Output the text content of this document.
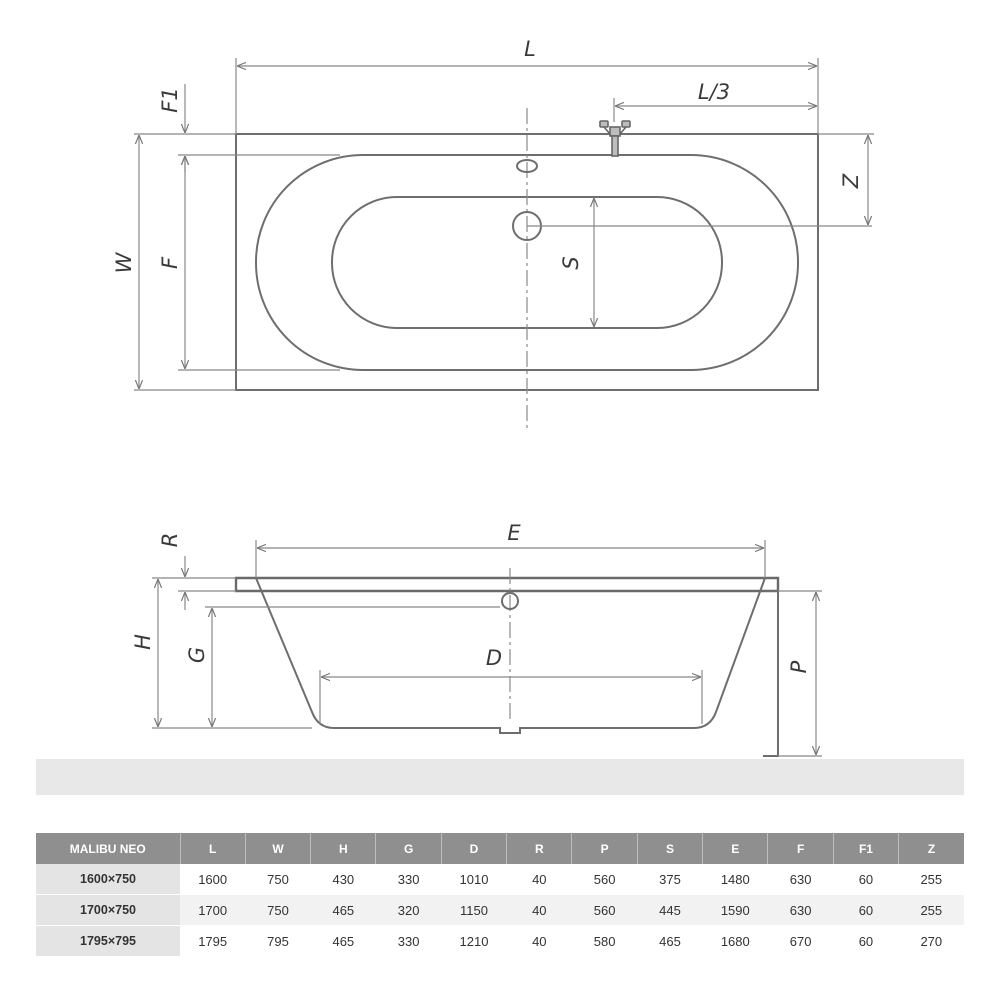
L
L/3
F1
W F	S
Z
E
R
H
G	D	P
MALIBU NEO	L	W	H	G	D	R	P	S	E	F	F1	Z
1600×750	1600	750	430	330	1010	40	560	375	1480	630	60	255
1700×750	1700	750	465	320	1150	40	560	445	1590	630	60	255
1795×795	1795	795	465	330	1210	40	580	465	1680	670	60	270
